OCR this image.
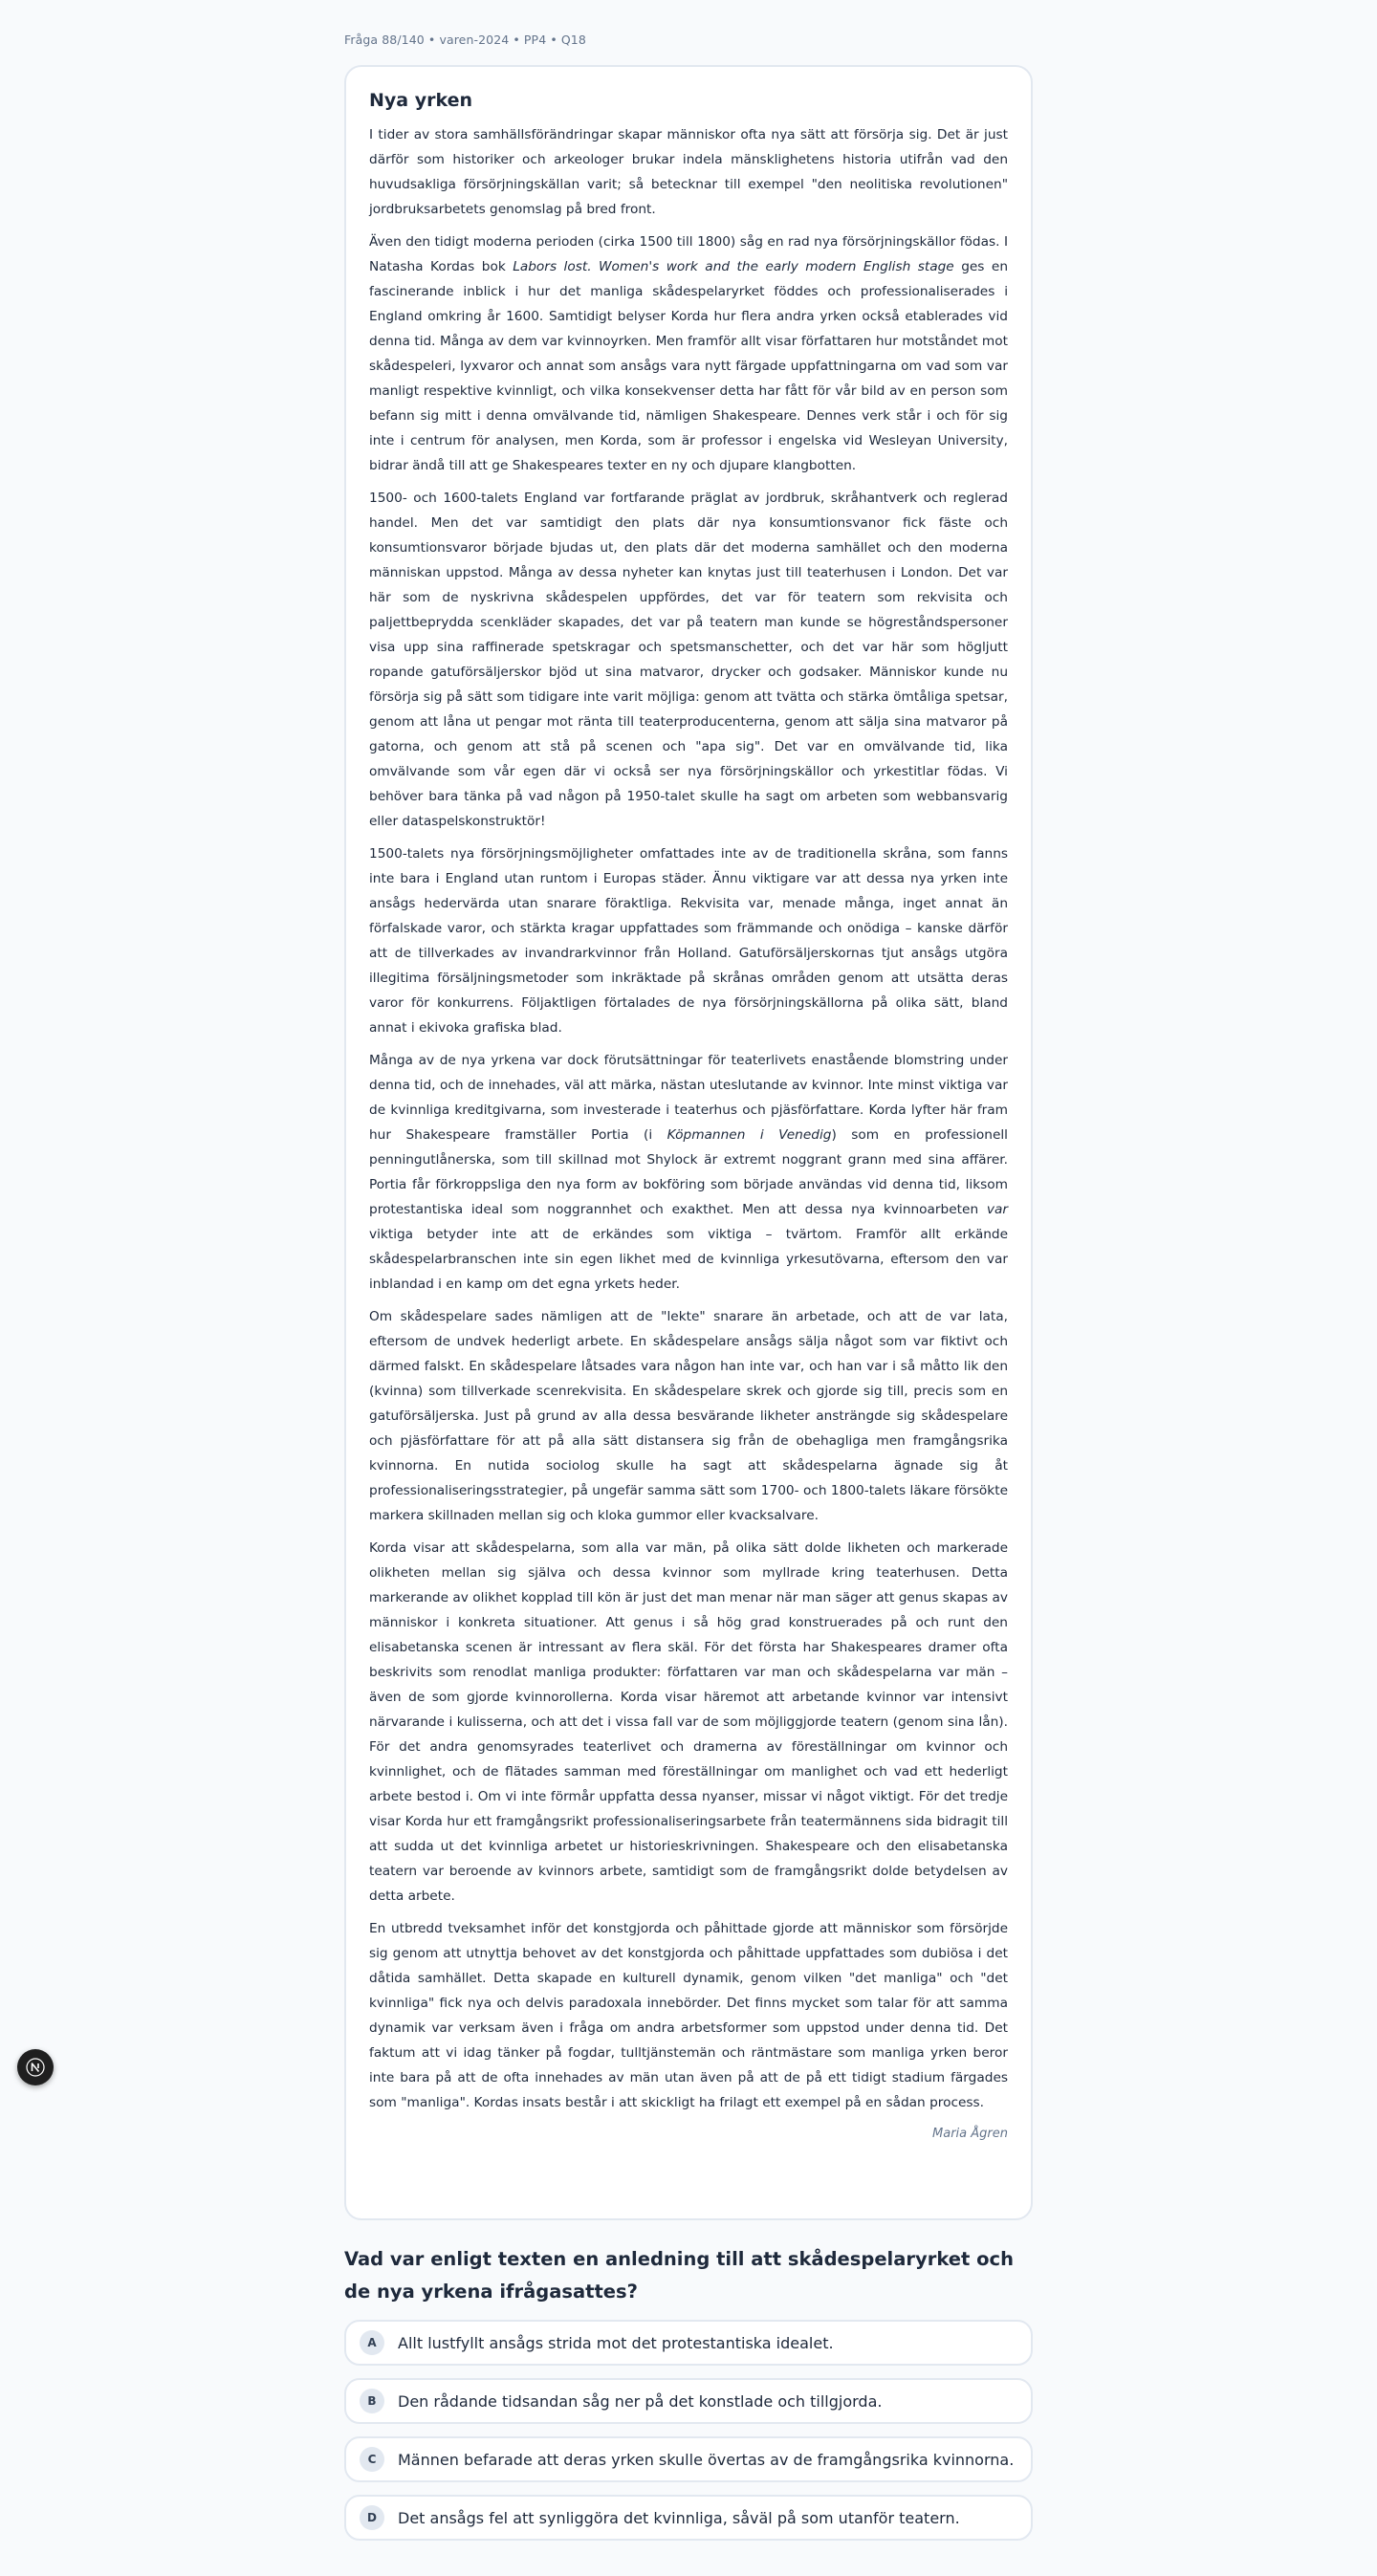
Fråga 88/140 • varen-2024 • PP4 • Q18
Nya yrken

I tider av stora samhällsförändringar skapar människor ofta nya sätt att försörja sig. Det är just därför som historiker och arkeologer brukar indela mänsklighetens historia utifrån vad den huvudsakliga försörjningskällan varit; så betecknar till exempel "den neolitiska revolutionen" jordbruksarbetets genomslag på bred front.

Även den tidigt moderna perioden (cirka 1500 till 1800) såg en rad nya försörjningskällor födas. I Natasha Kordas bok Labors lost. Women's work and the early modern English stage ges en fascinerande inblick i hur det manliga skådespelaryrket föddes och professionaliserades i England omkring år 1600. Samtidigt belyser Korda hur flera andra yrken också etablerades vid denna tid. Många av dem var kvinnoyrken. Men framför allt visar författaren hur motståndet mot skådespeleri, lyxvaror och annat som ansågs vara nytt färgade uppfattningarna om vad som var manligt respektive kvinnligt, och vilka konsekvenser detta har fått för vår bild av en person som befann sig mitt i denna omvälvande tid, nämligen Shakespeare. Dennes verk står i och för sig inte i centrum för analysen, men Korda, som är professor i engelska vid Wesleyan University, bidrar ändå till att ge Shakespeares texter en ny och djupare klangbotten.

1500- och 1600-talets England var fortfarande präglat av jordbruk, skråhantverk och reglerad handel. Men det var samtidigt den plats där nya konsumtionsvanor fick fäste och konsumtionsvaror började bjudas ut, den plats där det moderna samhället och den moderna människan uppstod. Många av dessa nyheter kan knytas just till teaterhusen i London. Det var här som de nyskrivna skådespelen uppfördes, det var för teatern som rekvisita och paljettbeprydda scenkläder skapades, det var på teatern man kunde se högreståndspersoner visa upp sina raffinerade spetskragar och spetsmanschetter, och det var här som högljutt ropande gatuförsäljerskor bjöd ut sina matvaror, drycker och godsaker. Människor kunde nu försörja sig på sätt som tidigare inte varit möjliga: genom att tvätta och stärka ömtåliga spetsar, genom att låna ut pengar mot ränta till teaterproducenterna, genom att sälja sina matvaror på gatorna, och genom att stå på scenen och "apa sig". Det var en omvälvande tid, lika omvälvande som vår egen där vi också ser nya försörjningskällor och yrkestitlar födas. Vi behöver bara tänka på vad någon på 1950-talet skulle ha sagt om arbeten som webbansvarig eller dataspelskonstruktör!

1500-talets nya försörjningsmöjligheter omfattades inte av de traditionella skråna, som fanns inte bara i England utan runtom i Europas städer. Ännu viktigare var att dessa nya yrken inte ansågs hedervärda utan snarare föraktliga. Rekvisita var, menade många, inget annat än förfalskade varor, och stärkta kragar uppfattades som främmande och onödiga – kanske därför att de tillverkades av invandrarkvinnor från Holland. Gatuförsäljerskornas tjut ansågs utgöra illegitima försäljningsmetoder som inkräktade på skrånas områden genom att utsätta deras varor för konkurrens. Följaktligen förtalades de nya försörjningskällorna på olika sätt, bland annat i ekivoka grafiska blad.

Många av de nya yrkena var dock förutsättningar för teaterlivets enastående blomstring under denna tid, och de innehades, väl att märka, nästan uteslutande av kvinnor. Inte minst viktiga var de kvinnliga kreditgivarna, som investerade i teaterhus och pjäsförfattare. Korda lyfter här fram hur Shakespeare framställer Portia (i Köpmannen i Venedig) som en professionell penningutlånerska, som till skillnad mot Shylock är extremt noggrant grann med sina affärer. Portia får förkroppsliga den nya form av bokföring som började användas vid denna tid, liksom protestantiska ideal som noggrannhet och exakthet. Men att dessa nya kvinnoarbeten var viktiga betyder inte att de erkändes som viktiga – tvärtom. Framför allt erkände skådespelarbranschen inte sin egen likhet med de kvinnliga yrkesutövarna, eftersom den var inblandad i en kamp om det egna yrkets heder.

Om skådespelare sades nämligen att de "lekte" snarare än arbetade, och att de var lata, eftersom de undvek hederligt arbete. En skådespelare ansågs sälja något som var fiktivt och därmed falskt. En skådespelare låtsades vara någon han inte var, och han var i så måtto lik den (kvinna) som tillverkade scenrekvisita. En skådespelare skrek och gjorde sig till, precis som en gatuförsäljerska. Just på grund av alla dessa besvärande likheter ansträngde sig skådespelare och pjäsförfattare för att på alla sätt distansera sig från de obehagliga men framgångsrika kvinnorna. En nutida sociolog skulle ha sagt att skådespelarna ägnade sig åt professionaliseringsstrategier, på ungefär samma sätt som 1700- och 1800-talets läkare försökte markera skillnaden mellan sig och kloka gummor eller kvacksalvare.

Korda visar att skådespelarna, som alla var män, på olika sätt dolde likheten och markerade olikheten mellan sig själva och dessa kvinnor som myllrade kring teaterhusen. Detta markerande av olikhet kopplad till kön är just det man menar när man säger att genus skapas av människor i konkreta situationer. Att genus i så hög grad konstruerades på och runt den elisabetanska scenen är intressant av flera skäl. För det första har Shakespeares dramer ofta beskrivits som renodlat manliga produkter: författaren var man och skådespelarna var män – även de som gjorde kvinnorollerna. Korda visar häremot att arbetande kvinnor var intensivt närvarande i kulisserna, och att det i vissa fall var de som möjliggjorde teatern (genom sina lån). För det andra genomsyrades teaterlivet och dramerna av föreställningar om kvinnor och kvinnlighet, och de flätades samman med föreställningar om manlighet och vad ett hederligt arbete bestod i. Om vi inte förmår uppfatta dessa nyanser, missar vi något viktigt. För det tredje visar Korda hur ett framgångsrikt professionaliseringsarbete från teatermännens sida bidragit till att sudda ut det kvinnliga arbetet ur historieskrivningen. Shakespeare och den elisabetanska teatern var beroende av kvinnors arbete, samtidigt som de framgångsrikt dolde betydelsen av detta arbete.

En utbredd tveksamhet inför det konstgjorda och påhittade gjorde att människor som försörjde sig genom att utnyttja behovet av det konstgjorda och påhittade uppfattades som dubiösa i det dåtida samhället. Detta skapade en kulturell dynamik, genom vilken "det manliga" och "det kvinnliga" fick nya och delvis paradoxala innebörder. Det finns mycket som talar för att samma dynamik var verksam även i fråga om andra arbetsformer som uppstod under denna tid. Det faktum att vi idag tänker på fogdar, tulltjänstemän och räntmästare som manliga yrken beror inte bara på att de ofta innehades av män utan även på att de på ett tidigt stadium färgades som "manliga". Kordas insats består i att skickligt ha frilagt ett exempel på en sådan process.

Maria Ågren
Vad var enligt texten en anledning till att skådespelaryrket och de nya yrkena ifrågasattes?
A	Allt lustfyllt ansågs strida mot det protestantiska idealet.
B	Den rådande tidsandan såg ner på det konstlade och tillgjorda.
C	Männen befarade att deras yrken skulle övertas av de framgångsrika kvinnorna.
D	Det ansågs fel att synliggöra det kvinnliga, såväl på som utanför teatern.
